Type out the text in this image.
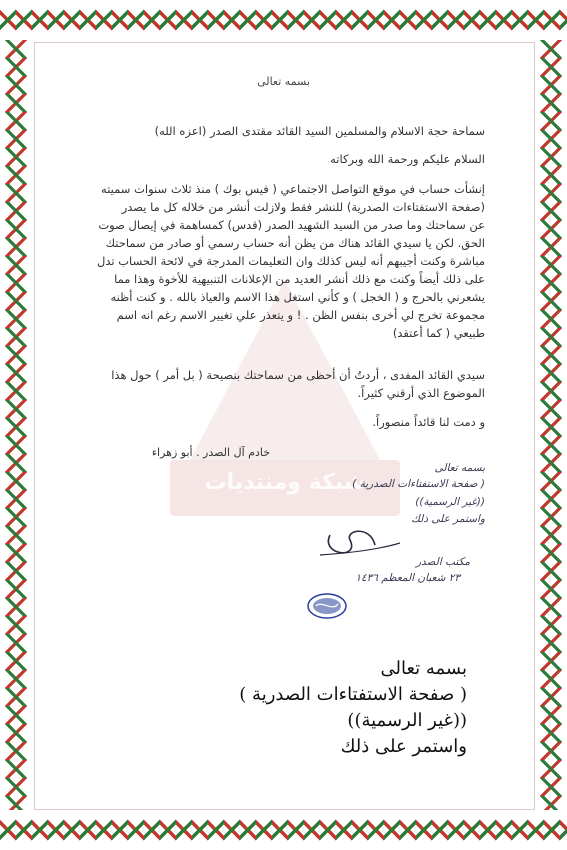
شبكة ومنتديات
بسمه تعالى
سماحة حجة الاسلام والمسلمين السيد القائد مقتدى الصدر (اعزه الله)
السلام عليكم ورحمة الله وبركاته
إنشأت حساب في موقع التواصل الاجتماعي ( فيس بوك ) منذ ثلاث سنوات سميته
(صفحة الاستفتاءات الصدرية) للنشر فقط ولازلت أنشر من خلاله كل ما يصدر
عن سماحتك وما صدر من السيد الشهيد الصدر (قدس) كمساهمة في إيصال صوت
الحق. لكن يا سيدي القائد هناك من يظن أنه حساب رسمي أو صادر من سماحتك
مباشرة وكنت أجيبهم أنه ليس كذلك وان التعليمات المدرجة في لائحة الحساب تدل
على ذلك أيضاً وكنت مع ذلك أنشر العديد من الإعلانات التنبيهية للأخوة وهذا مما
يشعرني بالحرج و ( الخجل ) و كأني استغل هذا الاسم والعياذ بالله . و كنت أظنه
مجموعة تخرج لي أخرى بنفس الظن . ! و يتعذر علي تغيير الاسم رغم انه اسم
طبيعي ( كما أعتقد)
سيدي القائد المفدى ، أردتُ أن أحظى من سماحتك بنصيحة ( بل أمر ) حول هذا
الموضوع الذي أرقني كثيراً.
و دمت لنا قائداً منصوراً.
خادم آل الصدر . أبو زهراء
بسمه تعالى
( صفحة الاستفتاءات الصدرية )
((غير الرسمية))
واستمر على ذلك
مكتب الصدر
٢٣ شعبان المعظم ١٤٣٦
بسمه تعالى
( صفحة الاستفتاءات الصدرية )
((غير الرسمية))
واستمر على ذلك
